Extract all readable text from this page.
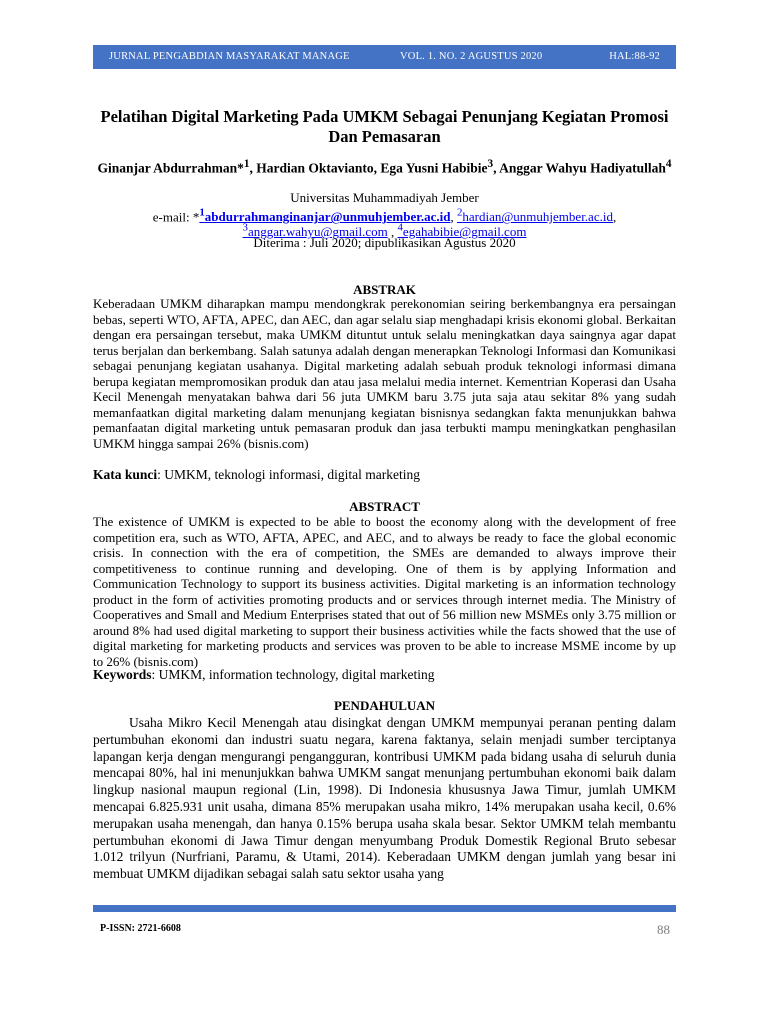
JURNAL PENGABDIAN MASYARAKAT MANAGE	VOL. 1. NO. 2 AGUSTUS 2020	HAL:88-92
Pelatihan Digital Marketing Pada UMKM Sebagai Penunjang Kegiatan Promosi Dan Pemasaran
Ginanjar Abdurrahman*$^1$, Hardian Oktavianto, Ega Yusni Habibie$^3$, Anggar Wahyu Hadiyatullah$^4$
Universitas Muhammadiyah Jember
e-mail: *$^1$abdurrahmanginanjar@unmuhjember.ac.id, $^2$hardian@unmuhjember.ac.id,
$^3$anggar.wahyu@gmail.com , $^4$egahabibie@gmail.com
Diterima : Juli 2020; dipublikasikan Agustus 2020
ABSTRAK
Keberadaan UMKM diharapkan mampu mendongkrak perekonomian seiring berkembangnya era persaingan bebas, seperti WTO, AFTA, APEC, dan AEC, dan agar selalu siap menghadapi krisis ekonomi global. Berkaitan dengan era persaingan tersebut, maka UMKM dituntut untuk selalu meningkatkan daya saingnya agar dapat terus berjalan dan berkembang. Salah satunya adalah dengan menerapkan Teknologi Informasi dan Komunikasi sebagai penunjang kegiatan usahanya. Digital marketing adalah sebuah produk teknologi informasi dimana berupa kegiatan mempromosikan produk dan atau jasa melalui media internet. Kementrian Koperasi dan Usaha Kecil Menengah menyatakan bahwa dari 56 juta UMKM baru 3.75 juta saja atau sekitar 8% yang sudah memanfaatkan digital marketing dalam menunjang kegiatan bisnisnya sedangkan fakta menunjukkan bahwa pemanfaatan digital marketing untuk pemasaran produk dan jasa terbukti mampu meningkatkan penghasilan UMKM hingga sampai 26% (bisnis.com)
Kata kunci: UMKM, teknologi informasi, digital marketing
ABSTRACT
The existence of UMKM is expected to be able to boost the economy along with the development of free competition era, such as WTO, AFTA, APEC, and AEC, and to always be ready to face the global economic crisis. In connection with the era of competition, the SMEs are demanded to always improve their competitiveness to continue running and developing. One of them is by applying Information and Communication Technology to support its business activities. Digital marketing is an information technology product in the form of activities promoting products and or services through internet media. The Ministry of Cooperatives and Small and Medium Enterprises stated that out of 56 million new MSMEs only 3.75 million or around 8% had used digital marketing to support their business activities while the facts showed that the use of digital marketing for marketing products and services was proven to be able to increase MSME income by up to 26% (bisnis.com)
Keywords: UMKM, information technology, digital marketing
PENDAHULUAN
Usaha Mikro Kecil Menengah atau disingkat dengan UMKM mempunyai peranan penting dalam pertumbuhan ekonomi dan industri suatu negara, karena faktanya, selain menjadi sumber terciptanya lapangan kerja dengan mengurangi pengangguran, kontribusi UMKM pada bidang usaha di seluruh dunia mencapai 80%, hal ini menunjukkan bahwa UMKM sangat menunjang pertumbuhan ekonomi baik dalam lingkup nasional maupun regional (Lin, 1998). Di Indonesia khususnya Jawa Timur, jumlah UMKM mencapai 6.825.931 unit usaha, dimana 85% merupakan usaha mikro, 14% merupakan usaha kecil, 0.6% merupakan usaha menengah, dan hanya 0.15% berupa usaha skala besar. Sektor UMKM telah membantu pertumbuhan ekonomi di Jawa Timur dengan menyumbang Produk Domestik Regional Bruto sebesar 1.012 trilyun (Nurfriani, Paramu, & Utami, 2014). Keberadaan UMKM dengan jumlah yang besar ini membuat UMKM dijadikan sebagai salah satu sektor usaha yang
P-ISSN: 2721-6608	88
